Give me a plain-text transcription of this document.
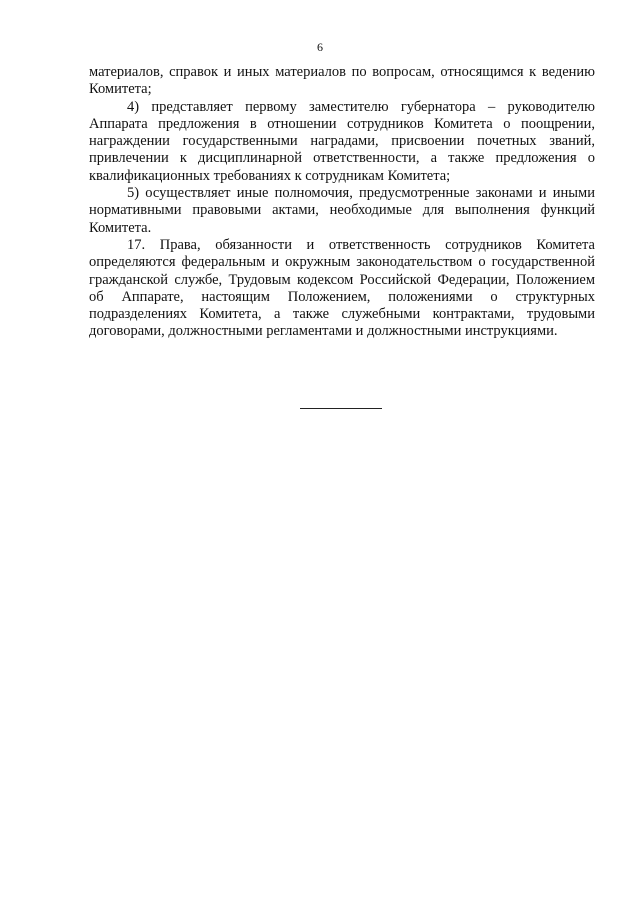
6

материалов, справок и иных материалов по вопросам, относящимся к ведению Комитета;

4) представляет первому заместителю губернатора – руководителю Аппарата предложения в отношении сотрудников Комитета о поощрении, награждении государственными наградами, присвоении почетных званий, привлечении к дисциплинарной ответственности, а также предложения о квалификационных требованиях к сотрудникам Комитета;

5) осуществляет иные полномочия, предусмотренные законами и иными нормативными правовыми актами, необходимые для выполнения функций Комитета.

17. Права, обязанности и ответственность сотрудников Комитета определяются федеральным и окружным законодательством о государственной гражданской службе, Трудовым кодексом Российской Федерации, Положением об Аппарате, настоящим Положением, положениями о структурных подразделениях Комитета, а также служебными контрактами, трудовыми договорами, должностными регламентами и должностными инструкциями.
